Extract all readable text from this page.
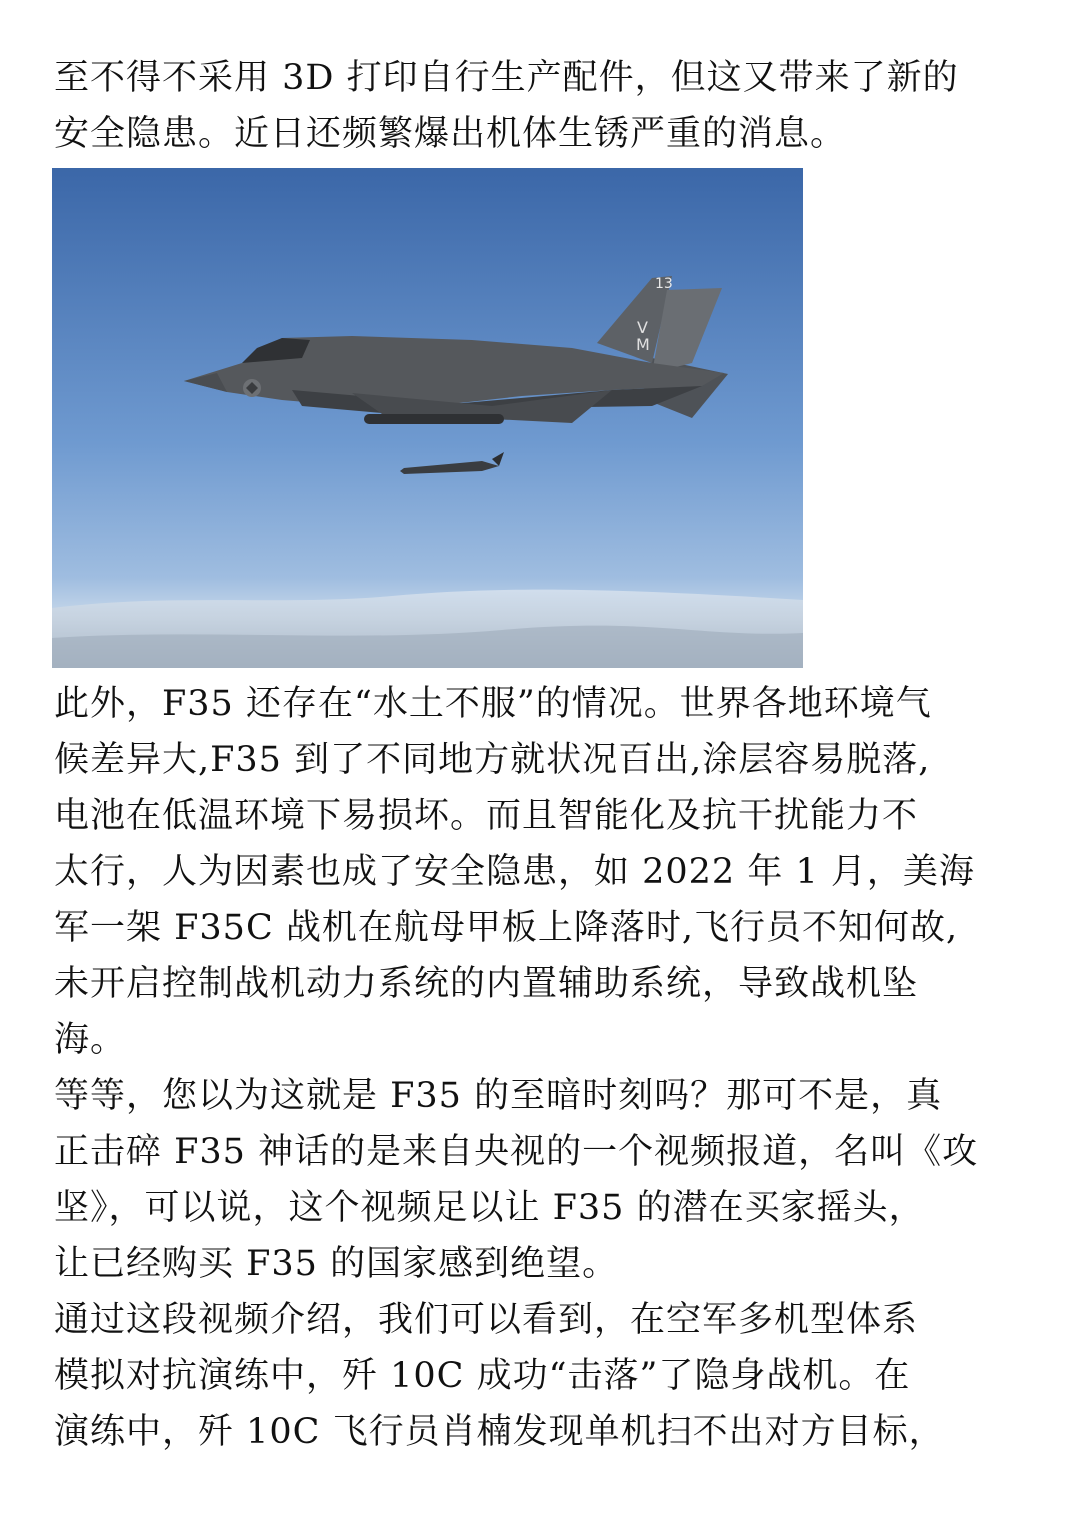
至不得不采用 3D 打印自行生产配件，但这又带来了新的
安全隐患。近日还频繁爆出机体生锈严重的消息。

13
V
M

此外，F35 还存在“水土不服”的情况。世界各地环境气
候差异大,F35 到了不同地方就状况百出,涂层容易脱落,
电池在低温环境下易损坏。而且智能化及抗干扰能力不
太行，人为因素也成了安全隐患，如 2022 年 1 月，美海
军一架 F35C 战机在航母甲板上降落时,飞行员不知何故,
未开启控制战机动力系统的内置辅助系统，导致战机坠
海。

等等，您以为这就是 F35 的至暗时刻吗？那可不是，真
正击碎 F35 神话的是来自央视的一个视频报道，名叫《攻
坚》，可以说，这个视频足以让 F35 的潜在买家摇头，
让已经购买 F35 的国家感到绝望。

通过这段视频介绍，我们可以看到，在空军多机型体系
模拟对抗演练中，歼 10C 成功“击落”了隐身战机。在
演练中，歼 10C 飞行员肖楠发现单机扫不出对方目标，
